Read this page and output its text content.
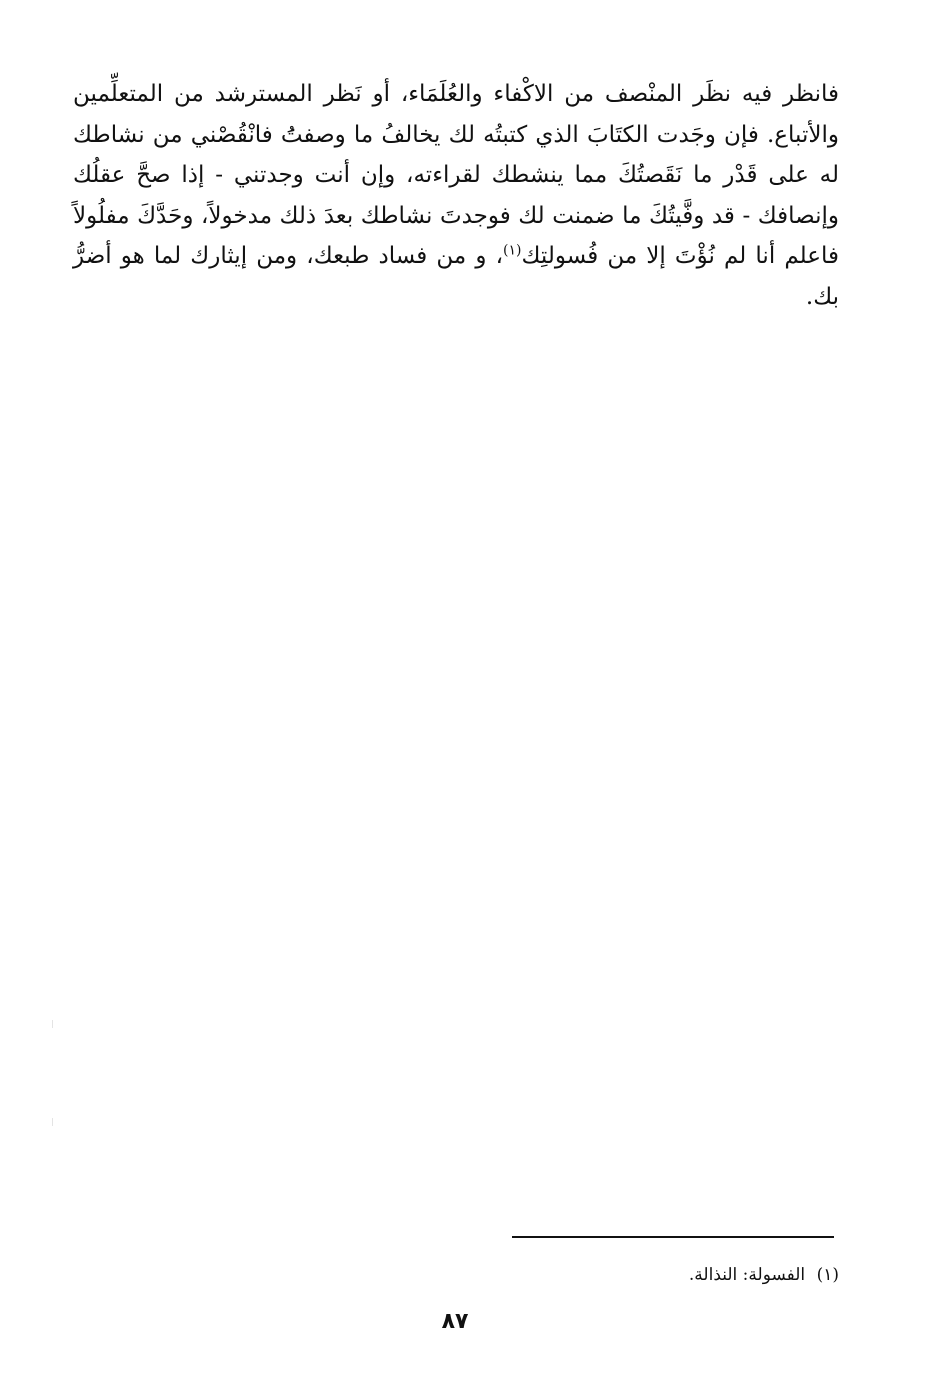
فانظر فيه نظَر المنْصف من الاكْفاء والعُلَمَاء، أو نَظر المسترشد من المتعلِّمين والأتباع. فإن وجَدت الكتَابَ الذي كتبتُه لك يخالفُ ما وصفتَُ فانْقُصْني من نشاطك له على قَدْر ما نَقَصتُكَ مما ينشطك لقراءته، وإن أنت وجدتني - إذا صحَّ عقلُك وإنصافك - قد وفَّيتُكَ ما ضمنت لك فوجدتَ نشاطك بعدَ ذلك مدخولاً، وحَدَّكَ مفلُولاً فاعلم أنا لم نُؤْتَ إلا من فُسولتِك$^{(١)}$، و من فساد طبعك، ومن إيثارك لما هو أضرُّ بك.

(١) الفسولة: النذالة.
٨٧
